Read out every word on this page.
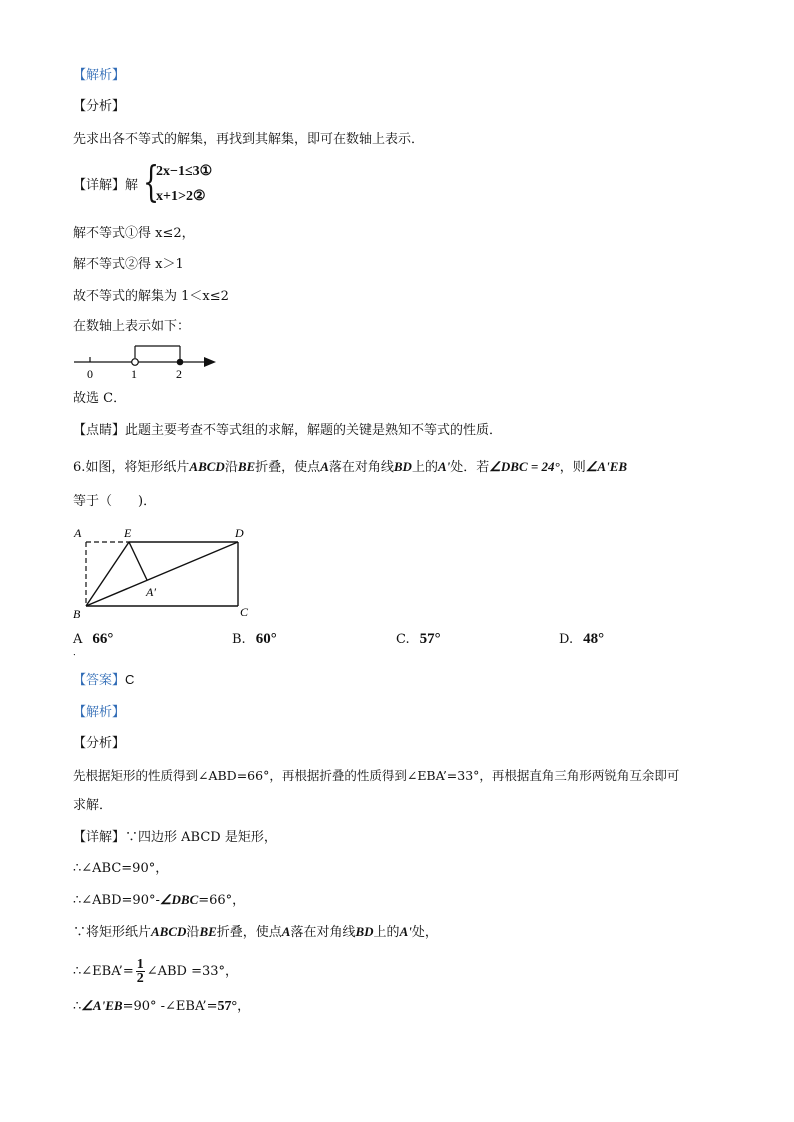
【解析】
【分析】
先求出各不等式的解集，再找到其解集，即可在数轴上表示．
【详解】解 {
2x−1≤3①
x+1>2②
解不等式①得 x≤2，
解不等式②得 x＞1
故不等式的解集为 1＜x≤2
在数轴上表示如下：
0	1	2
故选 C．
【点睛】此题主要考查不等式组的求解，解题的关键是熟知不等式的性质．
6.如图，将矩形纸片ABCD沿BE折叠，使点A落在对角线BD上的A'处．若∠DBC = 24°，则∠A'EB
等于（　　)．
A	E	D
B	C
A′
A 66°	B. 60°	C. 57°	D. 48°
．
【答案】C
【解析】
【分析】
先根据矩形的性质得到∠ABD=66°，再根据折叠的性质得到∠EBA’=33°，再根据直角三角形两锐角互余即可
求解．
【详解】∵四边形 ABCD 是矩形，
∴∠ABC=90°，
∴∠ABD=90°-∠DBC=66°，
∵将矩形纸片ABCD沿BE折叠，使点A落在对角线BD上的A'处，
∴∠EBA’= $\frac{1}{2}$ ∠ABD =33°，
∴∠A'EB=90° -∠EBA’=57°，
